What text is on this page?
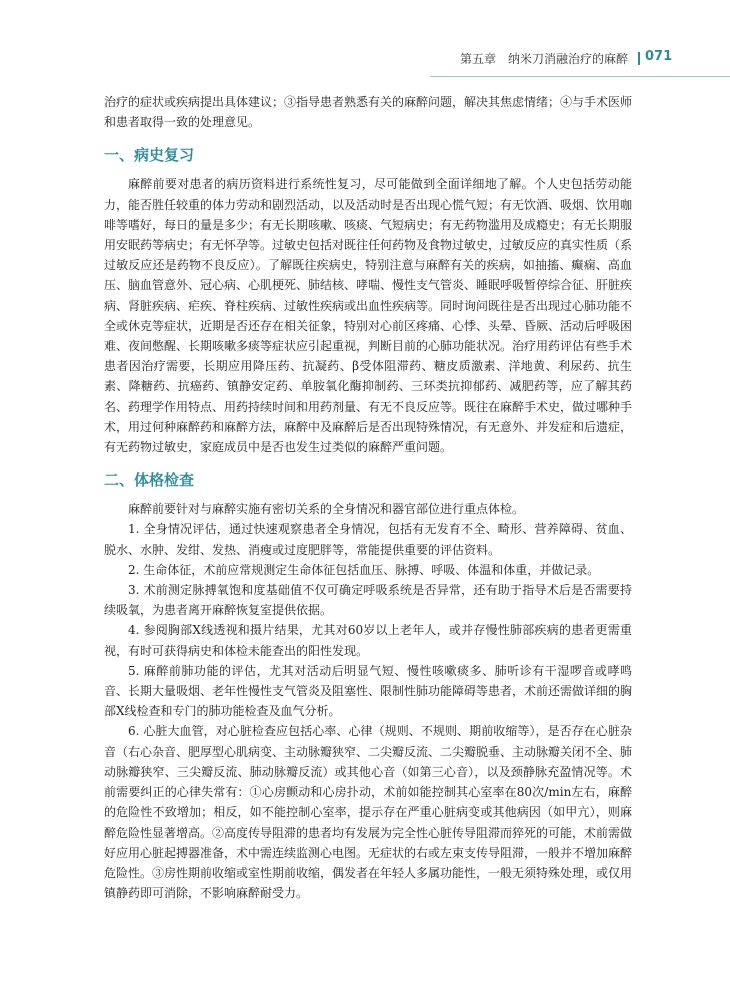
第五章　纳米刀消融治疗的麻醉 071

治疗的症状或疾病提出具体建议；③指导患者熟悉有关的麻醉问题，解决其焦虑情绪；④与手术医师和患者取得一致的处理意见。

一、病史复习

麻醉前要对患者的病历资料进行系统性复习，尽可能做到全面详细地了解。个人史包括劳动能力，能否胜任较重的体力劳动和剧烈活动，以及活动时是否出现心慌气短；有无饮酒、吸烟、饮用咖啡等嗜好，每日的量是多少；有无长期咳嗽、咳痰、气短病史；有无药物滥用及成瘾史；有无长期服用安眠药等病史；有无怀孕等。过敏史包括对既往任何药物及食物过敏史，过敏反应的真实性质（系过敏反应还是药物不良反应）。了解既往疾病史，特别注意与麻醉有关的疾病，如抽搐、癫痫、高血压、脑血管意外、冠心病、心肌梗死、肺结核、哮喘、慢性支气管炎、睡眠呼吸暂停综合征、肝脏疾病、肾脏疾病、疟疾、脊柱疾病、过敏性疾病或出血性疾病等。同时询问既往是否出现过心肺功能不全或休克等症状，近期是否还存在相关征象，特别对心前区疼痛、心悸、头晕、昏厥、活动后呼吸困难、夜间憋醒、长期咳嗽多痰等症状应引起重视，判断目前的心肺功能状况。治疗用药评估有些手术患者因治疗需要，长期应用降压药、抗凝药、β受体阻滞药、糖皮质激素、洋地黄、利尿药、抗生素、降糖药、抗癌药、镇静安定药、单胺氧化酶抑制药、三环类抗抑郁药、减肥药等，应了解其药名、药理学作用特点、用药持续时间和用药剂量、有无不良反应等。既往在麻醉手术史，做过哪种手术，用过何种麻醉药和麻醉方法，麻醉中及麻醉后是否出现特殊情况，有无意外、并发症和后遗症，有无药物过敏史，家庭成员中是否也发生过类似的麻醉严重问题。

二、体格检查

麻醉前要针对与麻醉实施有密切关系的全身情况和器官部位进行重点体检。

1. 全身情况评估，通过快速观察患者全身情况，包括有无发育不全、畸形、营养障碍、贫血、脱水、水肿、发绀、发热、消瘦或过度肥胖等，常能提供重要的评估资料。

2. 生命体征，术前应常规测定生命体征包括血压、脉搏、呼吸、体温和体重，并做记录。

3. 术前测定脉搏氧饱和度基础值不仅可确定呼吸系统是否异常，还有助于指导术后是否需要持续吸氧，为患者离开麻醉恢复室提供依据。

4. 参阅胸部X线透视和摄片结果，尤其对60岁以上老年人，或并存慢性肺部疾病的患者更需重视，有时可获得病史和体检未能查出的阳性发现。

5. 麻醉前肺功能的评估，尤其对活动后明显气短、慢性咳嗽痰多、肺听诊有干湿啰音或哮鸣音、长期大量吸烟、老年性慢性支气管炎及阻塞性、限制性肺功能障碍等患者，术前还需做详细的胸部X线检查和专门的肺功能检查及血气分析。

6. 心脏大血管，对心脏检查应包括心率、心律（规则、不规则、期前收缩等），是否存在心脏杂音（右心杂音、肥厚型心肌病变、主动脉瓣狭窄、二尖瓣反流、二尖瓣脱垂、主动脉瓣关闭不全、肺动脉瓣狭窄、三尖瓣反流、肺动脉瓣反流）或其他心音（如第三心音），以及颈静脉充盈情况等。术前需要纠正的心律失常有：①心房颤动和心房扑动，术前如能控制其心室率在80次/min左右，麻醉的危险性不致增加；相反，如不能控制心室率，提示存在严重心脏病变或其他病因（如甲亢），则麻醉危险性显著增高。②高度传导阻滞的患者均有发展为完全性心脏传导阻滞而猝死的可能，术前需做好应用心脏起搏器准备，术中需连续监测心电图。无症状的右或左束支传导阻滞，一般并不增加麻醉危险性。③房性期前收缩或室性期前收缩，偶发者在年轻人多属功能性，一般无须特殊处理，或仅用镇静药即可消除，不影响麻醉耐受力。
